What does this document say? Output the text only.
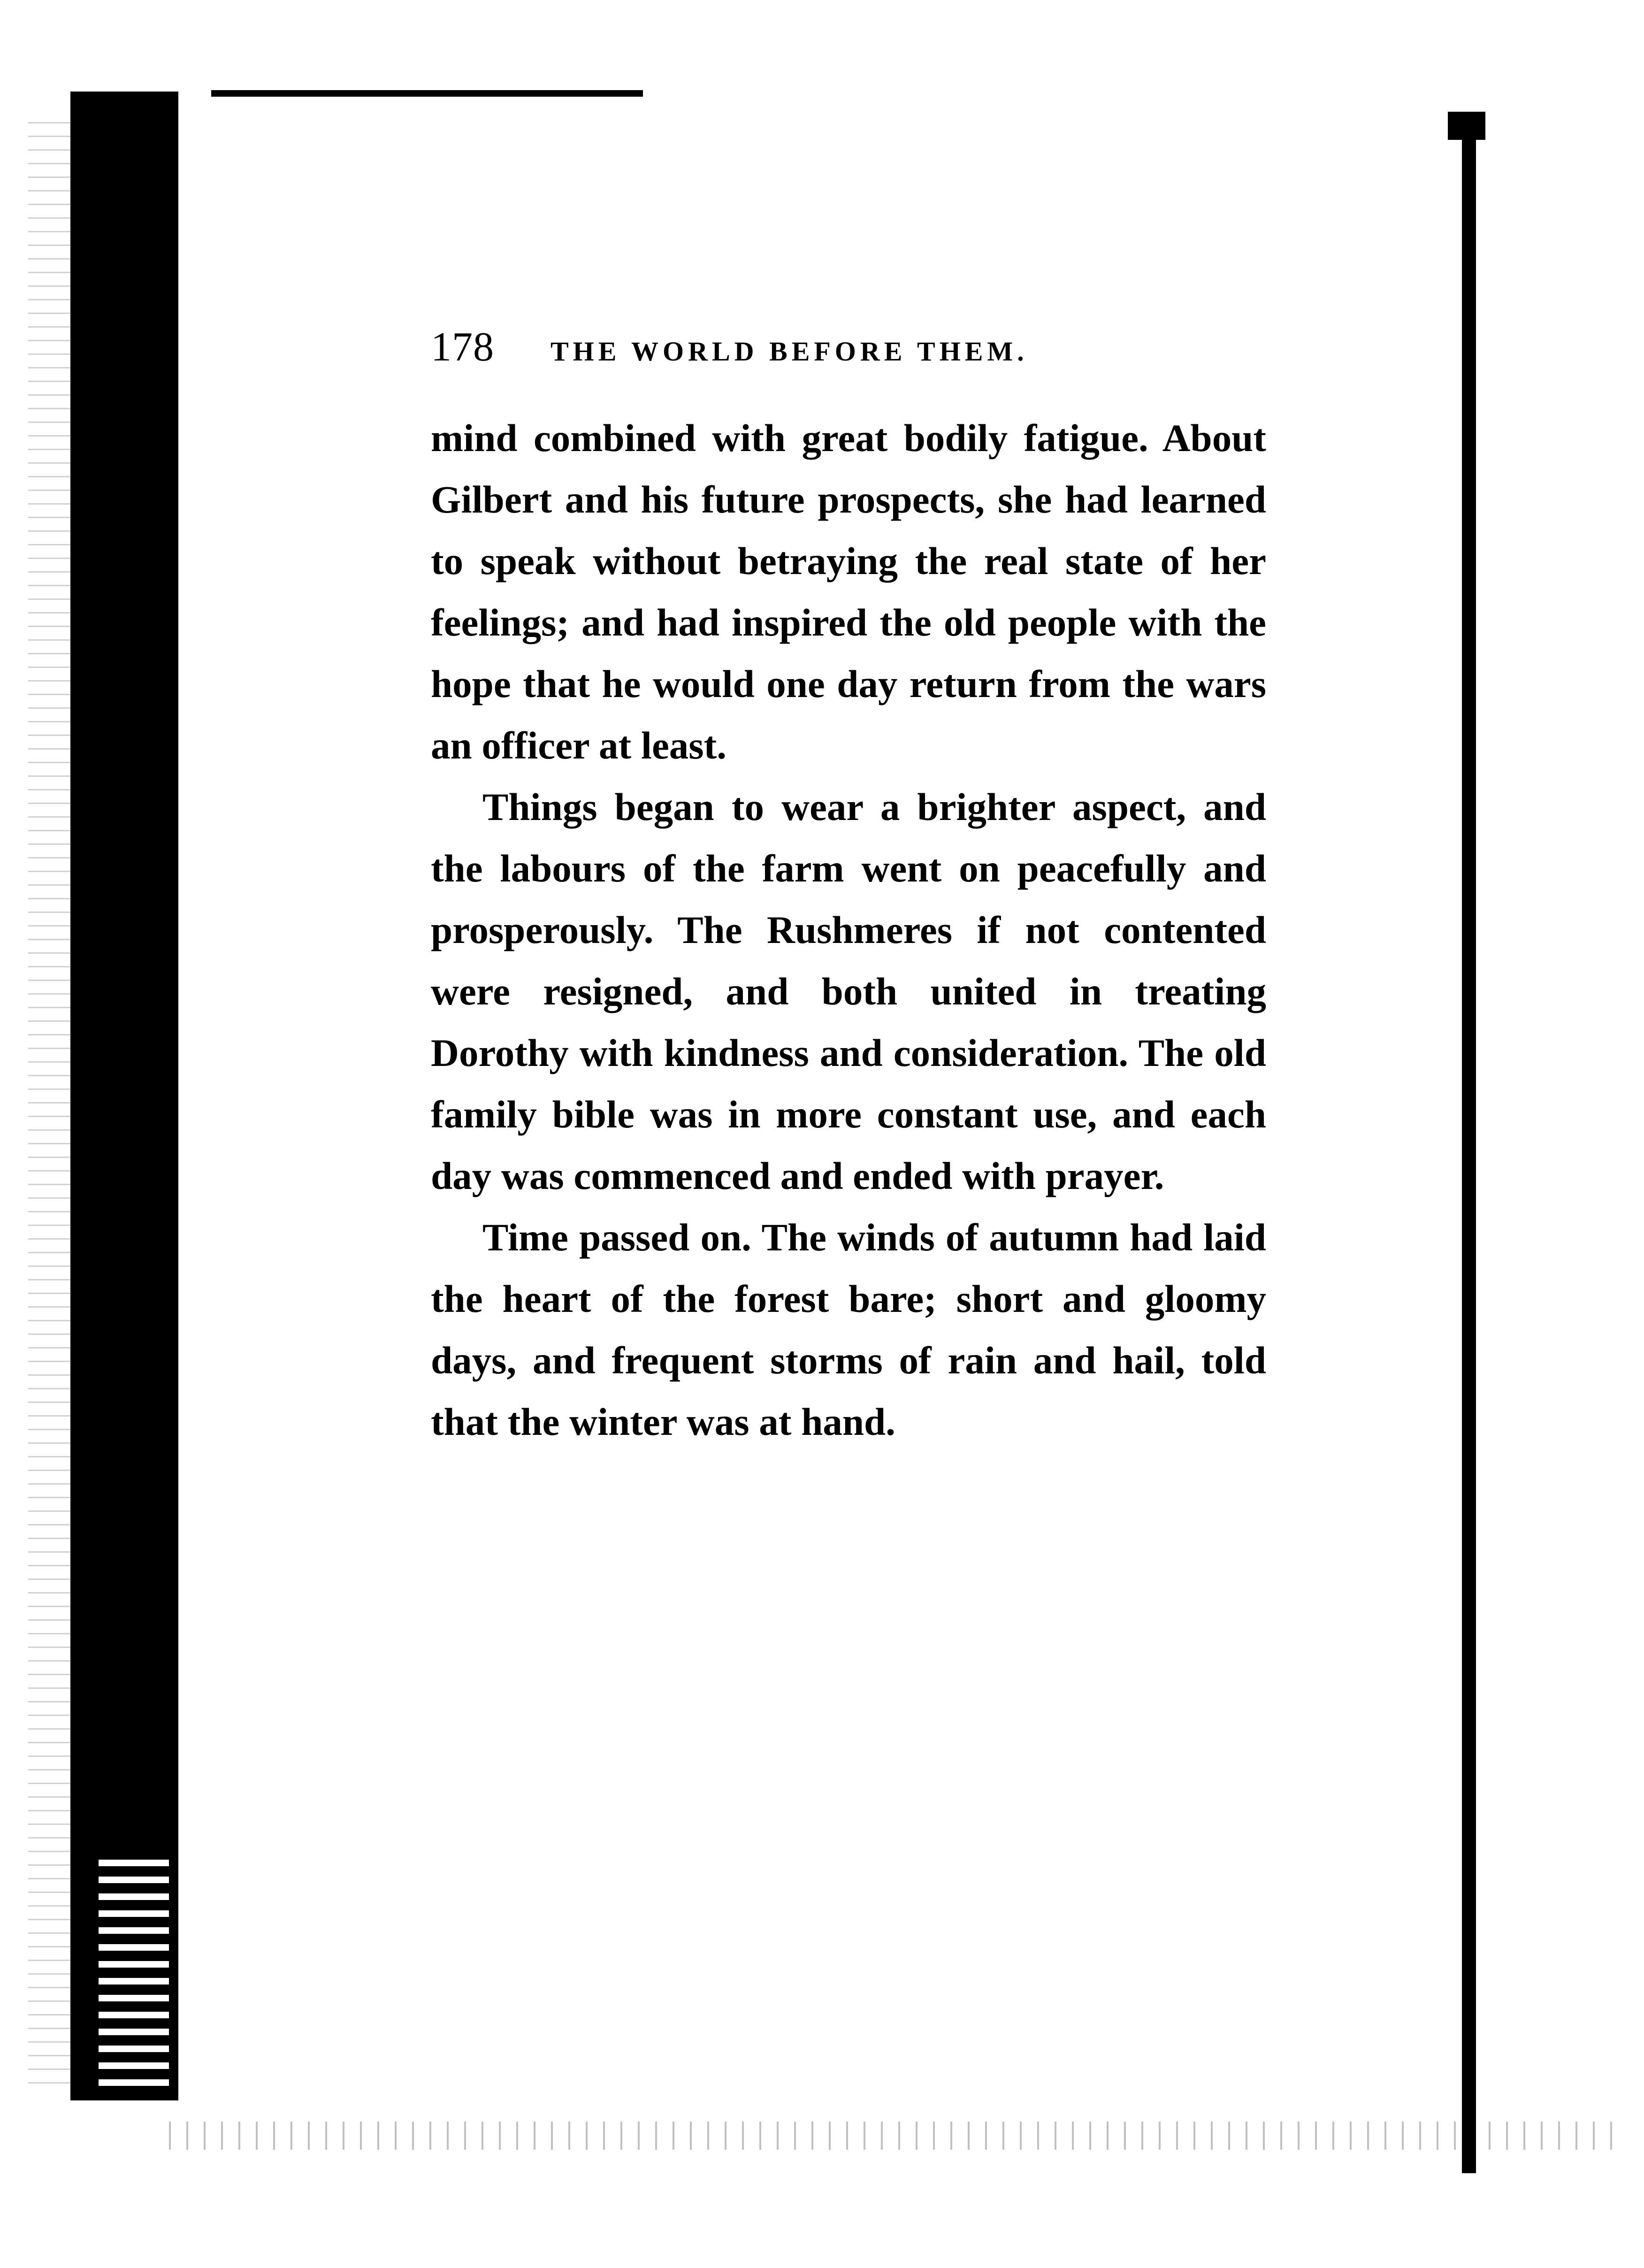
178 THE WORLD BEFORE THEM.

mind combined with great bodily fatigue. About Gilbert and his future prospects, she had learned to speak without betraying the real state of her feelings; and had inspired the old people with the hope that he would one day return from the wars an officer at least.

Things began to wear a brighter aspect, and the labours of the farm went on peacefully and prosperously. The Rushmeres if not contented were resigned, and both united in treating Dorothy with kindness and consideration. The old family bible was in more constant use, and each day was commenced and ended with prayer.

Time passed on. The winds of autumn had laid the heart of the forest bare; short and gloomy days, and frequent storms of rain and hail, told that the winter was at hand.
